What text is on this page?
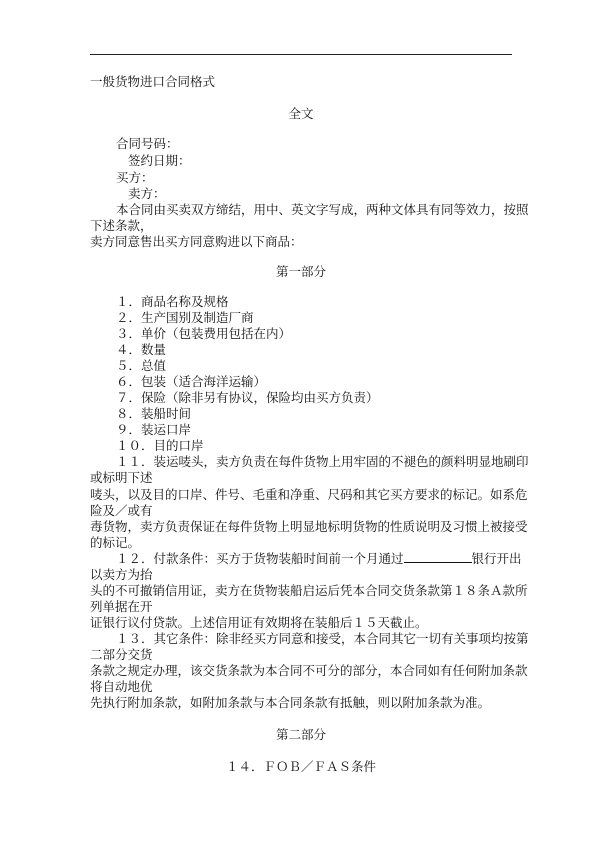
一般货物进口合同格式
全文
合同号码：
签约日期：
买方：
卖方：
本合同由买卖双方缔结，用中、英文字写成，两种文体具有同等效力，按照
下述条款，
卖方同意售出买方同意购进以下商品：
第一部分
１．商品名称及规格
２．生产国别及制造厂商
３．单价（包装费用包括在内）
４．数量
５．总值
６．包装（适合海洋运输）
７．保险（除非另有协议，保险均由买方负责）
８．装船时间
９．装运口岸
１０．目的口岸
１１．装运唛头，卖方负责在每件货物上用牢固的不褪色的颜料明显地刷印
或标明下述
唛头，以及目的口岸、件号、毛重和净重、尺码和其它买方要求的标记。如系危
险及／或有
毒货物，卖方负责保证在每件货物上明显地标明货物的性质说明及习惯上被接受
的标记。
１２．付款条件：买方于货物装船时间前一个月通过	银行开出
以卖方为抬
头的不可撤销信用证，卖方在货物装船启运后凭本合同交货条款第１８条Ａ款所
列单据在开
证银行议付贷款。上述信用证有效期将在装船后１５天截止。
１３．其它条件：除非经买方同意和接受，本合同其它一切有关事项均按第
二部分交货
条款之规定办理，该交货条款为本合同不可分的部分，本合同如有任何附加条款
将自动地优
先执行附加条款，如附加条款与本合同条款有抵触，则以附加条款为准。
第二部分
１４．ＦＯＢ／ＦＡＳ条件
